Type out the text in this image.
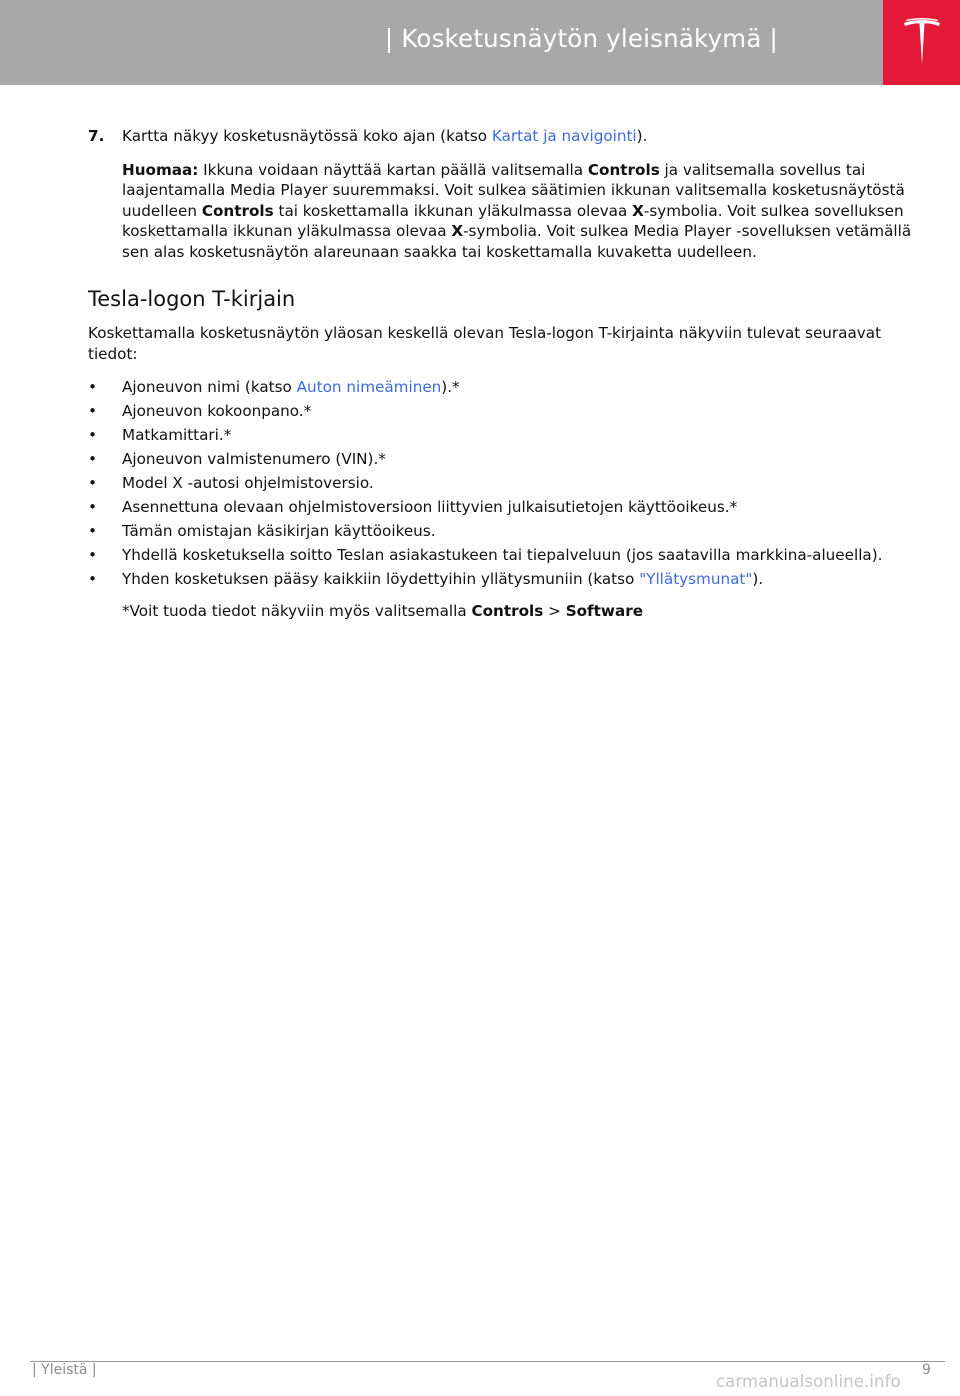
| Kosketusnäytön yleisnäkymä |

7. Kartta näkyy kosketusnäytössä koko ajan (katso Kartat ja navigointi).

Huomaa: Ikkuna voidaan näyttää kartan päällä valitsemalla Controls ja valitsemalla sovellus tai laajentamalla Media Player suuremmaksi. Voit sulkea säätimien ikkunan valitsemalla kosketusnäytöstä uudelleen Controls tai koskettamalla ikkunan yläkulmassa olevaa X-symbolia. Voit sulkea sovelluksen koskettamalla ikkunan yläkulmassa olevaa X-symbolia. Voit sulkea Media Player -sovelluksen vetämällä sen alas kosketusnäytön alareunaan saakka tai koskettamalla kuvaketta uudelleen.

Tesla-logon T-kirjain

Koskettamalla kosketusnäytön yläosan keskellä olevan Tesla-logon T-kirjainta näkyviin tulevat seuraavat tiedot:

• Ajoneuvon nimi (katso Auton nimeäminen).*
• Ajoneuvon kokoonpano.*
• Matkamittari.*
• Ajoneuvon valmistenumero (VIN).*
• Model X -autosi ohjelmistoversio.
• Asennettuna olevaan ohjelmistoversioon liittyvien julkaisutietojen käyttöoikeus.*
• Tämän omistajan käsikirjan käyttöoikeus.
• Yhdellä kosketuksella soitto Teslan asiakastukeen tai tiepalveluun (jos saatavilla markkina-alueella).
• Yhden kosketuksen pääsy kaikkiin löydettyihin yllätysmuniin (katso "Yllätysmunat").

*Voit tuoda tiedot näkyviin myös valitsemalla Controls > Software

| Yleistä |	9
carmanualsonline.info
